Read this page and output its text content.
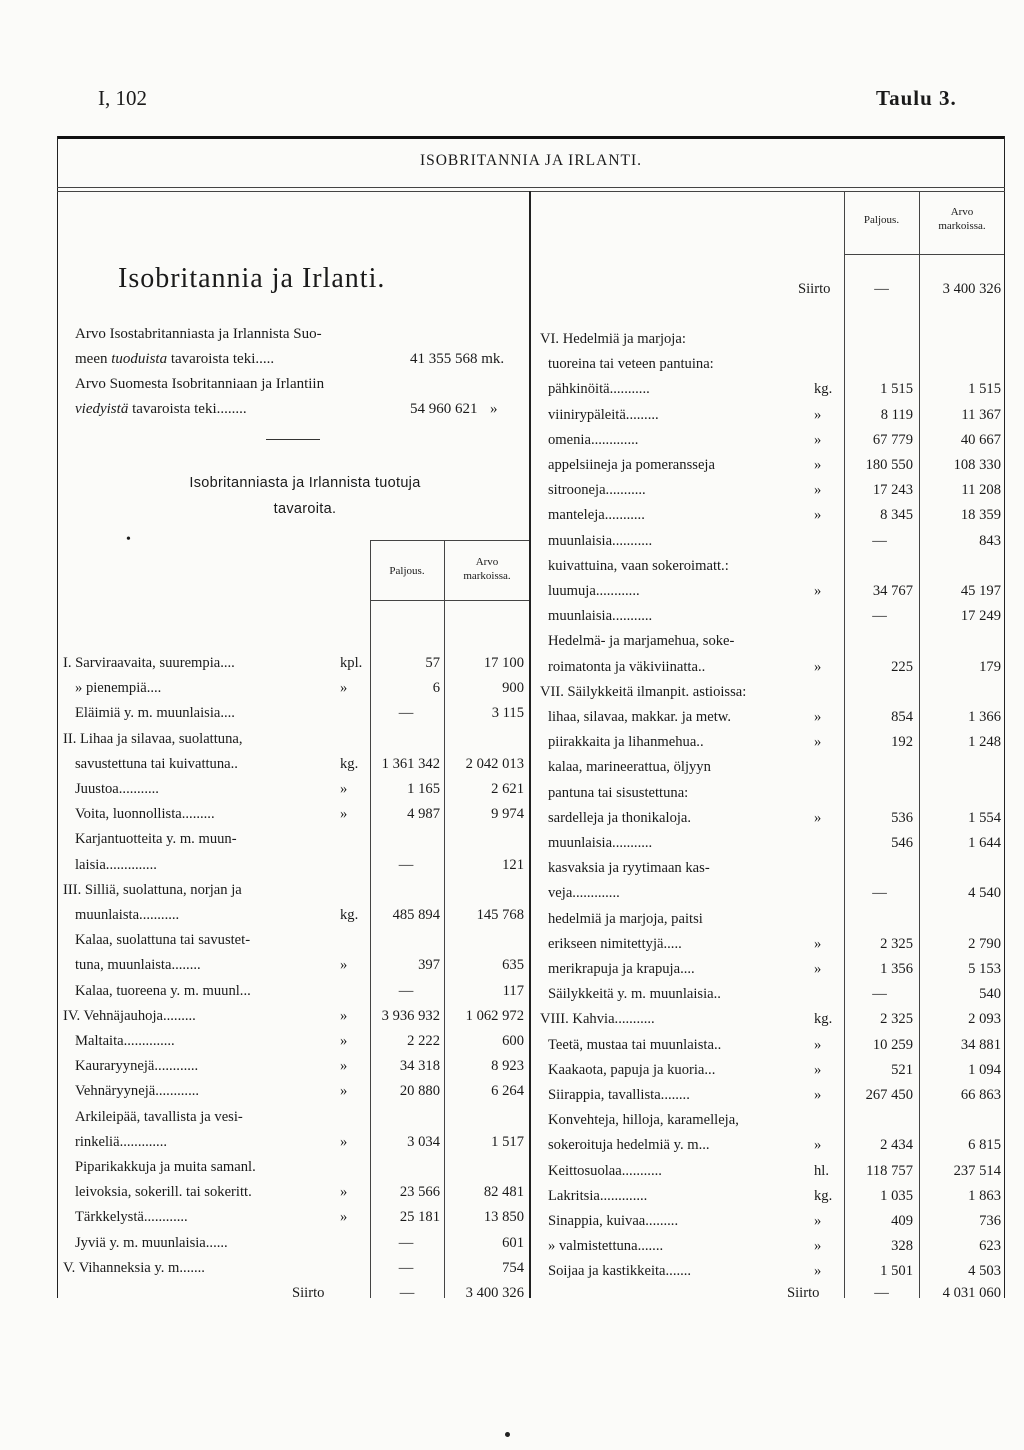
I, 102	Taulu 3.
ISOBRITANNIA JA IRLANTI.
Paljous.
Arvo
markoissa.
Isobritannia ja Irlanti.
Arvo Isostabritanniasta ja Irlannista Suo-
meen tuoduista tavaroista teki.....	41 355 568 mk.
Arvo Suomesta Isobritanniaan ja Irlantiin
viedyistä tavaroista teki........	54 960 621 »
Isobritanniasta ja Irlannista tuotuja
tavaroita.
•
Paljous.
Arvo
markoissa.
I. Sarviraavaita, suurempia....	kpl.	57	17 100
» pienempiä....	»	6	900
Eläimiä y. m. muunlaisia....	—	3 115
II. Lihaa ja silavaa, suolattuna,
savustettuna tai kuivattuna..	kg.	1 361 342	2 042 013
Juustoa...........	»	1 165	2 621
Voita, luonnollista.........	»	4 987	9 974
Karjantuotteita y. m. muun-
laisia..............	—	121
III. Silliä, suolattuna, norjan ja
muunlaista...........	kg.	485 894	145 768
Kalaa, suolattuna tai savustet-
tuna, muunlaista........	»	397	635
Kalaa, tuoreena y. m. muunl...	—	117
IV. Vehnäjauhoja.........	»	3 936 932	1 062 972
Maltaita..............	»	2 222	600
Kauraryynejä............	»	34 318	8 923
Vehnäryynejä............	»	20 880	6 264
Arkileipää, tavallista ja vesi-
rinkeliä.............	»	3 034	1 517
Piparikakkuja ja muita samanl.
leivoksia, sokerill. tai sokeritt.	»	23 566	82 481
Tärkkelystä............	»	25 181	13 850
Jyviä y. m. muunlaisia......	—	601
V. Vihanneksia y. m.......	—	754
VI. Hedelmiä ja marjoja:
tuoreina tai veteen pantuina:
pähkinöitä...........	kg.	1 515	1 515
viinirypäleitä.........	»	8 119	11 367
omenia.............	»	67 779	40 667
appelsiineja ja pomeransseja	»	180 550	108 330
sitrooneja...........	»	17 243	11 208
manteleja...........	»	8 345	18 359
muunlaisia...........	—	843
kuivattuina, vaan sokeroimatt.:
luumuja............	»	34 767	45 197
muunlaisia...........	—	17 249
Hedelmä- ja marjamehua, soke-
roimatonta ja väkiviinatta..	»	225	179
VII. Säilykkeitä ilmanpit. astioissa:
lihaa, silavaa, makkar. ja metw.	»	854	1 366
piirakkaita ja lihanmehua..	»	192	1 248
kalaa, marineerattua, öljyyn
pantuna tai sisustettuna:
sardelleja ja thonikaloja.	»	536	1 554
muunlaisia...........	546	1 644
kasvaksia ja ryytimaan kas-
veja.............	—	4 540
hedelmiä ja marjoja, paitsi
erikseen nimitettyjä.....	»	2 325	2 790
merikrapuja ja krapuja....	»	1 356	5 153
Säilykkeitä y. m. muunlaisia..	—	540
VIII. Kahvia...........	kg.	2 325	2 093
Teetä, mustaa tai muunlaista..	»	10 259	34 881
Kaakaota, papuja ja kuoria...	»	521	1 094
Siirappia, tavallista........	»	267 450	66 863
Konvehteja, hilloja, karamelleja,
sokeroituja hedelmiä y. m...	»	2 434	6 815
Keittosuolaa...........	hl.	118 757	237 514
Lakritsia.............	kg.	1 035	1 863
Sinappia, kuivaa.........	»	409	736
» valmistettuna.......	»	328	623
Soijaa ja kastikkeita.......	»	1 501	4 503
Siirto	—	3 400 326
Siirto	—	3 400 326
Siirto	—	4 031 060
